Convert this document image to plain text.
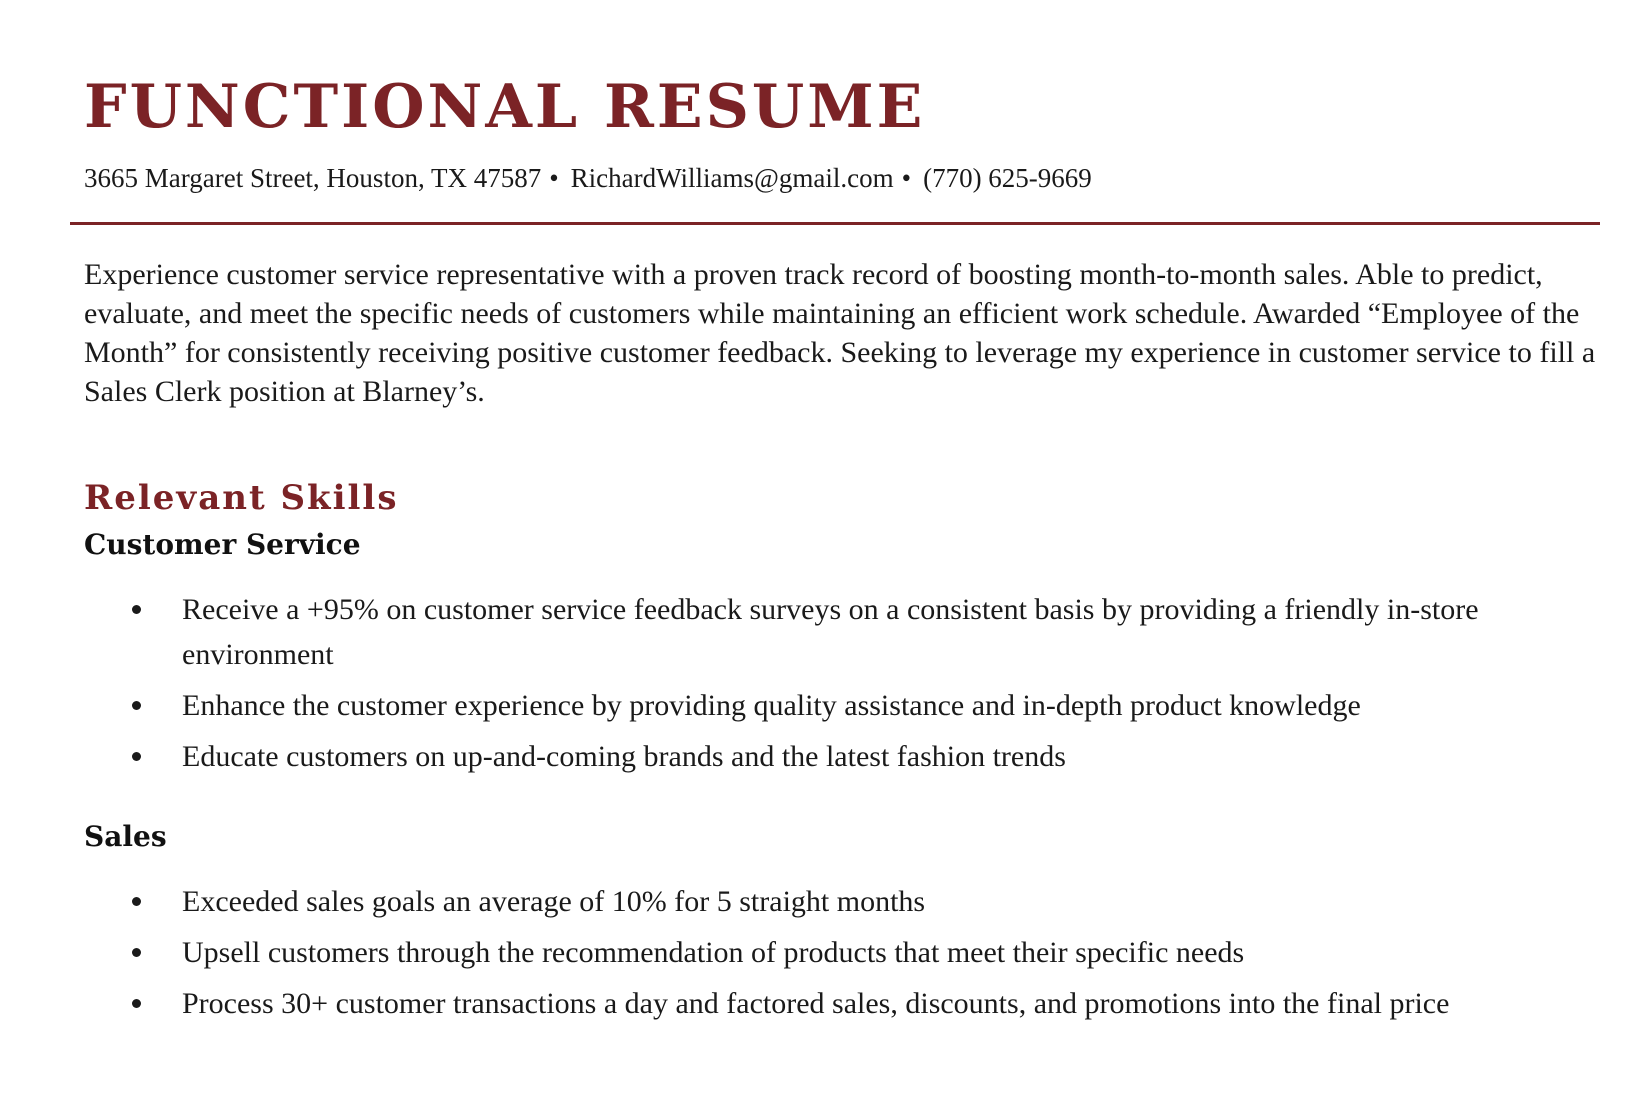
FUNCTIONAL RESUME
3665 Margaret Street, Houston, TX 47587 • RichardWilliams@gmail.com • (770) 625-9669

Experience customer service representative with a proven track record of boosting month-to-month sales. Able to predict, evaluate, and meet the specific needs of customers while maintaining an efficient work schedule. Awarded “Employee of the Month” for consistently receiving positive customer feedback. Seeking to leverage my experience in customer service to fill a Sales Clerk position at Blarney’s.

Relevant Skills
Customer Service
Receive a +95% on customer service feedback surveys on a consistent basis by providing a friendly in-store environment
Enhance the customer experience by providing quality assistance and in-depth product knowledge
Educate customers on up-and-coming brands and the latest fashion trends
Sales
Exceeded sales goals an average of 10% for 5 straight months
Upsell customers through the recommendation of products that meet their specific needs
Process 30+ customer transactions a day and factored sales, discounts, and promotions into the final price
